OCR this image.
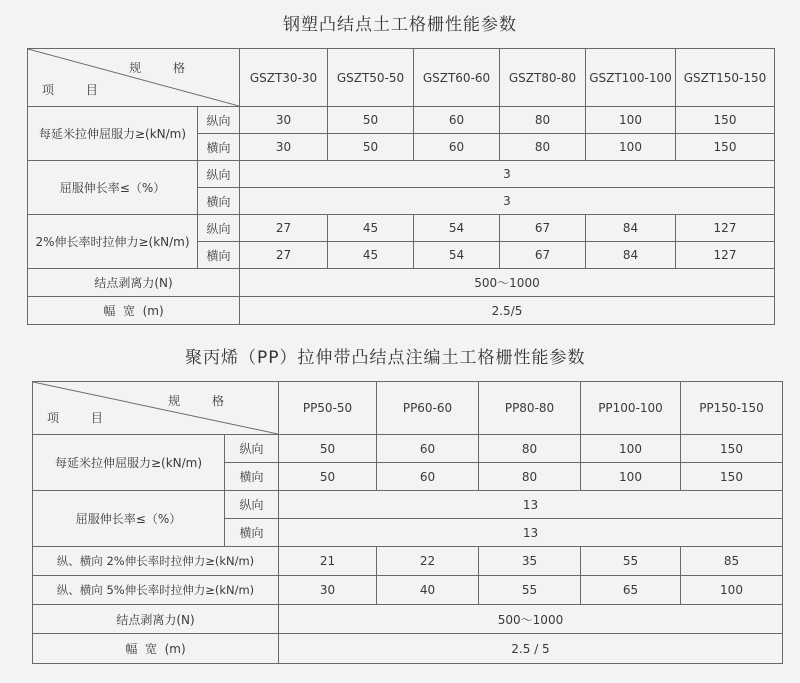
钢塑凸结点土工格栅性能参数
规 格
项 目		GSZT30-30	GSZT50-50	GSZT60-60	GSZT80-80	GSZT100-100	GSZT150-150
每延米拉伸屈服力≥(kN/m)	纵向	30	50	60	80	100	150
	横向	30	50	60	80	100	150
屈服伸长率≤（%）	纵向	3					
	横向	3					
2%伸长率时拉伸力≥(kN/m)	纵向	27	45	54	67	84	127
	横向	27	45	54	67	84	127
结点剥离力(N)		500～1000					
幅  宽  (m)		2.5/5					
聚丙烯（PP）拉伸带凸结点注编土工格栅性能参数
规 格
项 目		PP50-50	PP60-60	PP80-80	PP100-100	PP150-150
每延米拉伸屈服力≥(kN/m)	纵向	50	60	80	100	150
	横向	50	60	80	100	150
屈服伸长率≤（%）	纵向	13				
	横向	13				
纵、横向 2%伸长率时拉伸力≥(kN/m)		21	22	35	55	85
纵、横向 5%伸长率时拉伸力≥(kN/m)		30	40	55	65	100
结点剥离力(N)		500～1000				
幅  宽  (m)		2.5 / 5				
